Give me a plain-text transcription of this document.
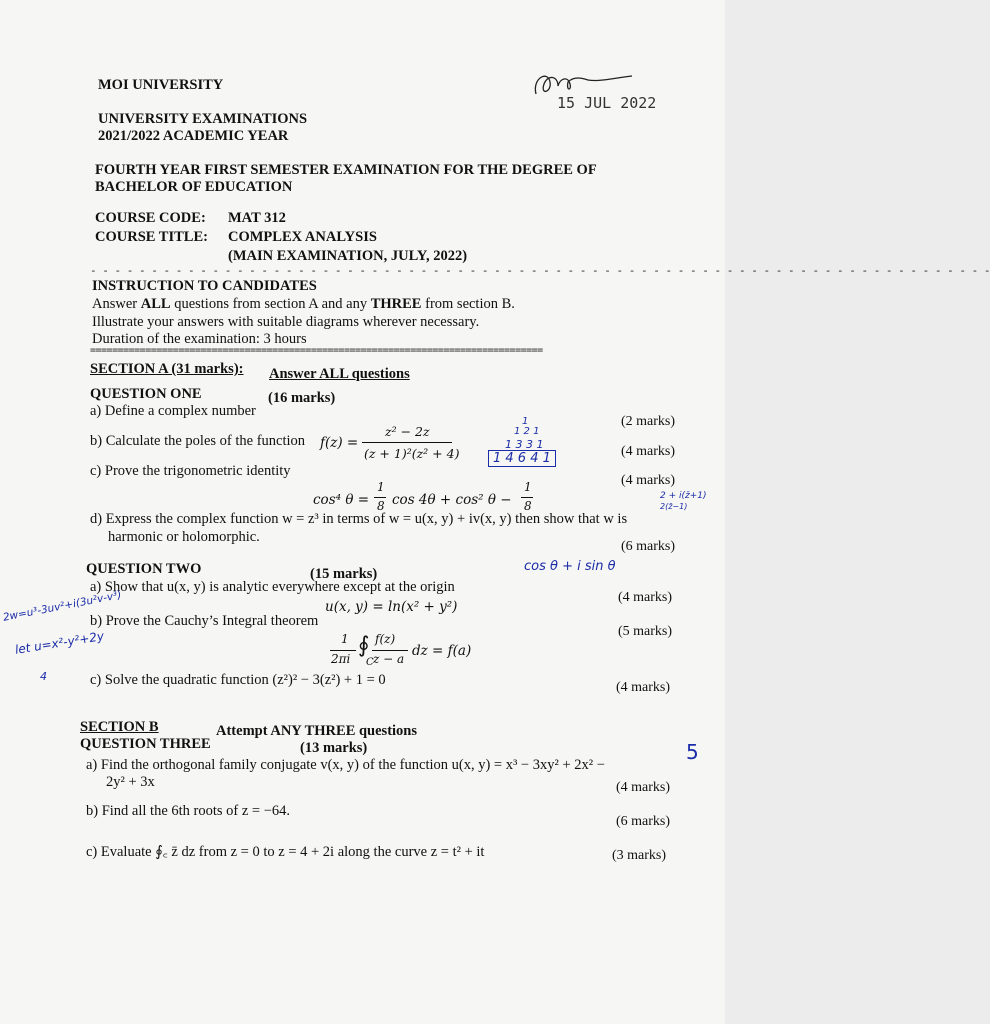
MOI UNIVERSITY
UNIVERSITY EXAMINATIONS
2021/2022 ACADEMIC YEAR
15 JUL 2022
FOURTH YEAR FIRST SEMESTER EXAMINATION FOR THE DEGREE OF
BACHELOR OF EDUCATION
COURSE CODE: MAT 312
COURSE TITLE: COMPLEX ANALYSIS
(MAIN EXAMINATION, JULY, 2022)
- - - - - - - - - - - - - - - - - - - - - - - - - - - - - - - - - - - - - - - - - - - - - - - - - - - - - - - - - - - - - - - - - - - - - - - - - -
INSTRUCTION TO CANDIDATES
Answer ALL questions from section A and any THREE from section B.
Illustrate your answers with suitable diagrams wherever necessary.
Duration of the examination: 3 hours
==================================================================================
SECTION A (31 marks): Answer ALL questions
QUESTION ONE	(16 marks)
a) Define a complex number
(2 marks)
b) Calculate the poles of the function f(z) =
z² − 2z
(z + 1)²(z² + 4)	(4 marks)
1
1 2 1
1 3 3 1
1 4 6 4 1
c) Prove the trigonometric identity
(4 marks)
cos⁴ θ =
1
8 cos 4θ + cos² θ −
1
8
2 + i(z̄+1)
2(z̄−1)
d) Express the complex function w = z³ in terms of w = u(x, y) + iv(x, y) then show that w is
harmonic or holomorphic.
(6 marks)
QUESTION TWO	(15 marks)	cos θ + i sin θ
a) Show that u(x, y) is analytic everywhere except at the origin
u(x, y) = ln(x² + y²)
(4 marks)
2w=u³-3uv²+i(3u²v-v³)
let u=x²-y²+2y
4
b) Prove the Cauchy’s Integral theorem
(5 marks)
1
2πi
∮
C
f(z)
z − a dz = f(a)
c) Solve the quadratic function (z²)² − 3(z²) + 1 = 0	(4 marks)
SECTION B	Attempt ANY THREE questions
QUESTION THREE	(13 marks)	5
a) Find the orthogonal family conjugate v(x, y) of the function u(x, y) = x³ − 3xy² + 2x² −
2y² + 3x	(4 marks)
b) Find all the 6th roots of z = −64.
(6 marks)
c) Evaluate ∮꜀ z̄ dz from z = 0 to z = 4 + 2i along the curve z = t² + it	(3 marks)
